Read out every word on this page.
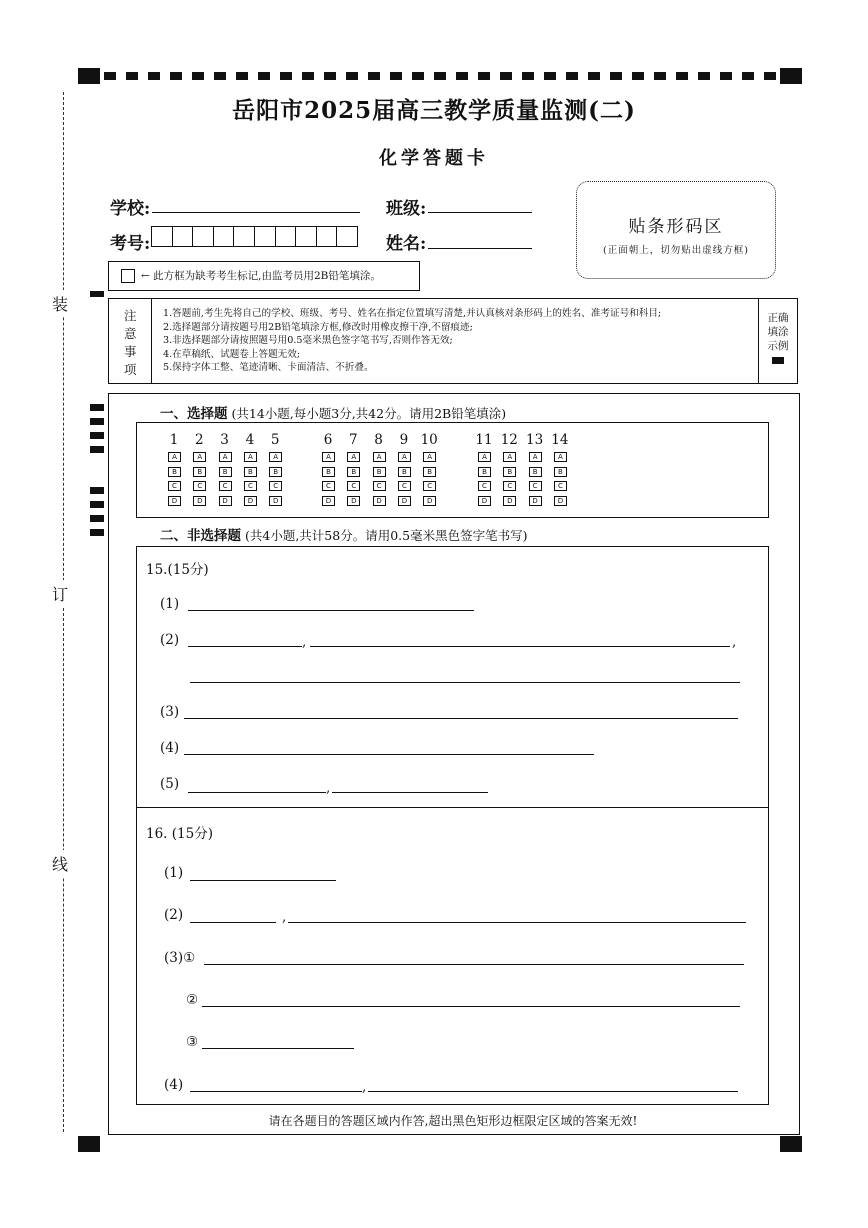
装
订
线
岳阳市2025届高三教学质量监测(二)
化学答题卡
学校:	班级:
考号:	姓名:
贴条形码区
(正面朝上，切勿贴出虚线方框)
← 此方框为缺考考生标记,由监考员用2B铅笔填涂。
注
意
事
项
1.答题前,考生先将自己的学校、班级、考号、姓名在指定位置填写清楚,并认真核对条形码上的姓名、准考证号和科目;
2.选择题部分请按题号用2B铅笔填涂方框,修改时用橡皮擦干净,不留痕迹;
3.非选择题部分请按照题号用0.5毫米黑色签字笔书写,否则作答无效;
4.在草稿纸、试题卷上答题无效;
5.保持字体工整、笔迹清晰、卡面清洁、不折叠。
正确
填涂
示例
一、选择题 (共14小题,每小题3分,共42分。请用2B铅笔填涂)
1
A
B
C
D
2
A
B
C
D
3
A
B
C
D
4
A
B
C
D
5
A
B
C
D
6
A
B
C
D
7
A
B
C
D
8
A
B
C
D
9
A
B
C
D
10
A
B
C
D
11
A
B
C
D
12
A
B
C
D
13
A
B
C
D
14
A
B
C
D
二、非选择题 (共4小题,共计58分。请用0.5毫米黑色签字笔书写)
15.(15分)
(1)
(2)	,	,
(3)
(4)
(5)	,
16. (15分)
(1)
(2)	,
(3)①
②
③
(4)	,
请在各题目的答题区域内作答,超出黑色矩形边框限定区域的答案无效!
